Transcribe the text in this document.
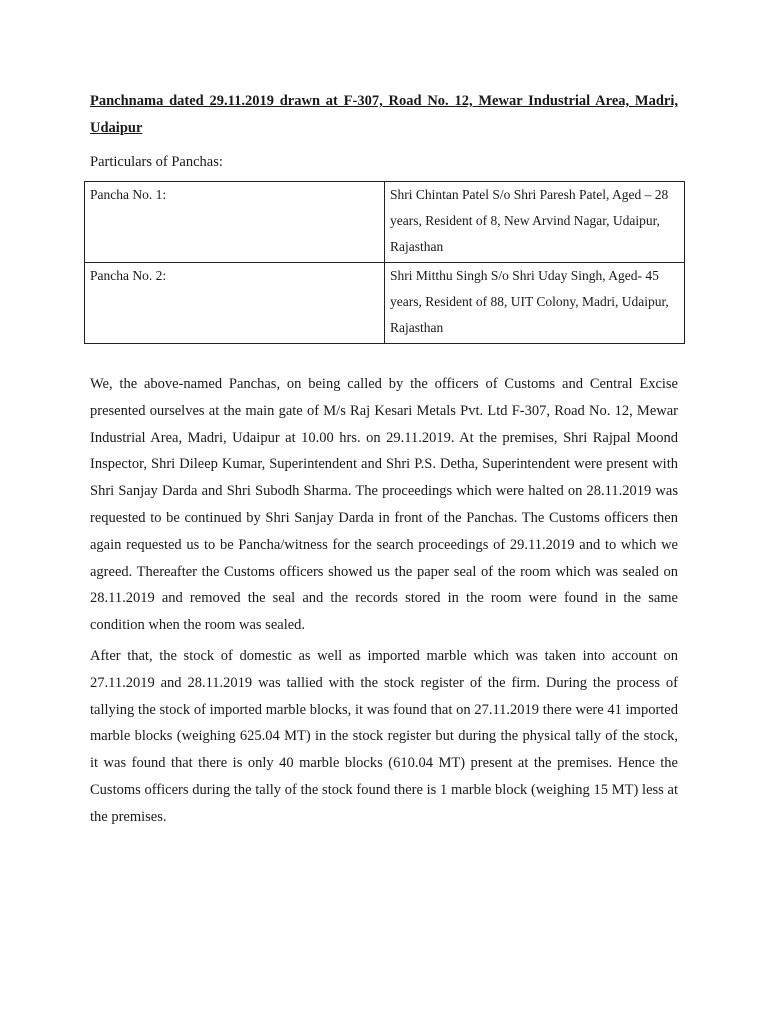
Panchnama dated 29.11.2019 drawn at F-307, Road No. 12, Mewar Industrial Area, Madri, Udaipur

Particulars of Panchas:

Pancha No. 1:	Shri Chintan Patel S/o Shri Paresh Patel, Aged – 28 years, Resident of 8, New Arvind Nagar, Udaipur, Rajasthan
Pancha No. 2:	Shri Mitthu Singh S/o Shri Uday Singh, Aged- 45 years, Resident of 88, UIT Colony, Madri, Udaipur, Rajasthan

We, the above-named Panchas, on being called by the officers of Customs and Central Excise presented ourselves at the main gate of M/s Raj Kesari Metals Pvt. Ltd F-307, Road No. 12, Mewar Industrial Area, Madri, Udaipur at 10.00 hrs. on 29.11.2019. At the premises, Shri Rajpal Moond Inspector, Shri Dileep Kumar, Superintendent and Shri P.S. Detha, Superintendent were present with Shri Sanjay Darda and Shri Subodh Sharma. The proceedings which were halted on 28.11.2019 was requested to be continued by Shri Sanjay Darda in front of the Panchas. The Customs officers then again requested us to be Pancha/witness for the search proceedings of 29.11.2019 and to which we agreed. Thereafter the Customs officers showed us the paper seal of the room which was sealed on 28.11.2019 and removed the seal and the records stored in the room were found in the same condition when the room was sealed.

After that, the stock of domestic as well as imported marble which was taken into account on 27.11.2019 and 28.11.2019 was tallied with the stock register of the firm. During the process of tallying the stock of imported marble blocks, it was found that on 27.11.2019 there were 41 imported marble blocks (weighing 625.04 MT) in the stock register but during the physical tally of the stock, it was found that there is only 40 marble blocks (610.04 MT) present at the premises. Hence the Customs officers during the tally of the stock found there is 1 marble block (weighing 15 MT) less at the premises.
